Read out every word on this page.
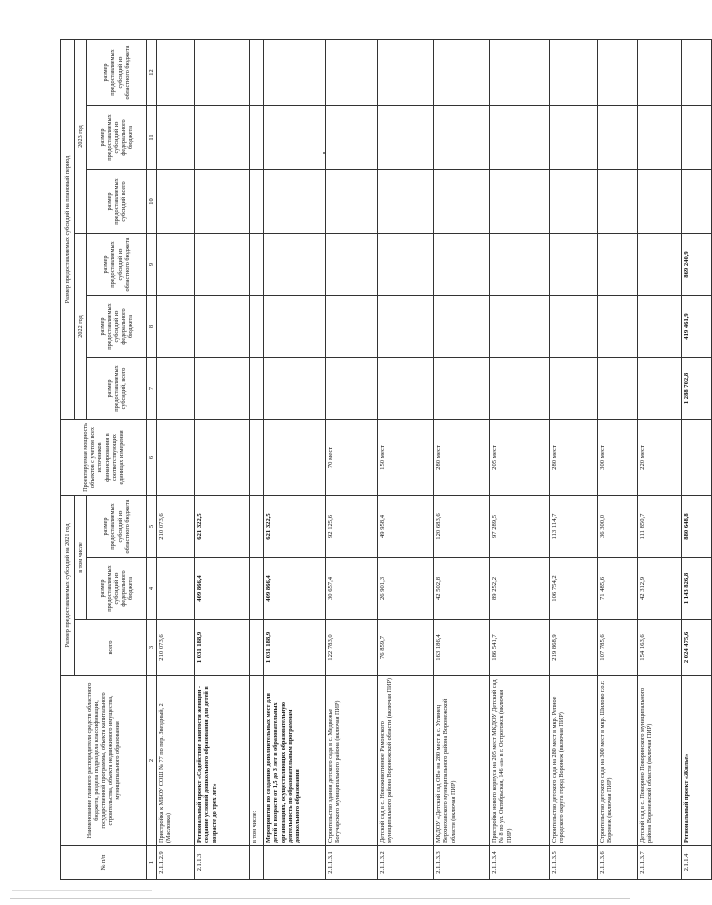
№ п/п	Наименование главного распорядителя средств областного бюджета, раздела подраздела классификации, государственной программы, объекта капитального строительства, объекта недвижимого имущества, муниципального образования	Размер предоставляемых субсидий на 2021 год			Проектируемая мощность объектов с учетом всех источников финансирования в соответствующих единицах измерения	Размер предоставляемых субсидий на плановый период					
		всего	в том числе			2022 год			2023 год		
			размер предоставляемых субсидий из федерального бюджета	размер предоставляемых субсидий из областного бюджета		размер предоставляемых субсидий, всего	размер предоставляемых субсидий из федерального бюджета	размер предоставляемых субсидий из областного бюджета	размер предоставляемых субсидий всего	размер предоставляемых субсидий из федерального бюджета	размер предоставляемых субсидий из областного бюджета
1	2	3	4	5	6	7	8	9	10	11	12
2.1.1.2.9	Пристройка к МБОУ СОШ № 77 по пер. Звездный, 2 (Масловка)	210 073,6		210 073,6							
2.1.1.3	Региональный проект «Содействие занятости женщин - создание условий дошкольного образования для детей в возрасте до трех лет»	1 031 188,9	409 866,4	621 322,5							
	в том числе:										
	Мероприятия по созданию дополнительных мест для детей в возрасте от 1,5 до 3 лет в образовательных организациях, осуществляющих образовательную деятельность по образовательным программам дошкольного образования	1 031 188,9	409 866,4	621 322,5							
2.1.1.3.1	Строительство здания детского сада в с. Медвежье Богучарского муниципального района (включая ПИР)	122 783,0	30 657,4	92 125,6	70 мест						
2.1.1.3.2	Детский сад в с. Новоживотинное Рамонского муниципального района Воронежской области (включая ПИР)	76 859,7	26 901,3	49 958,4	150 мест						
2.1.1.3.3	МКДОУ «Детский сад ОВ» на 280 мест в с. Углянец Верхнехавского муниципального района Воронежской области (включая ПИР)	163 186,4	42 502,8	120 683,6	280 мест						
2.1.1.3.4	Пристройка нового корпуса на 205 мест МКДОУ Детский сад № 8 по ул. Октябрьская, 146 «а» в г. Острогожск (включая ПИР)	186 541,7	89 252,2	97 289,5	205 мест						
2.1.1.3.5	Строительство детского сада на 280 мест в мкр. Репное городского округа город Воронеж (включая ПИР)	219 868,9	106 754,2	113 114,7	280 мест						
2.1.1.3.6	Строительство детского сада на 300 мест в мкр. Шилово г.о.г. Воронеж (включая ПИР)	107 785,6	71 485,6	36 300,0	300 мест						
2.1.1.3.7	Детский сад в с. Поворино Поворинского муниципального района Воронежской области (включая ПИР)	154 163,6	42 312,9	111 850,7	220 мест						
2.1.1.4	Региональный проект «Жилье»	2 024 475,6	1 143 826,8	880 648,8		1 288 702,8	419 461,9	869 240,9			
